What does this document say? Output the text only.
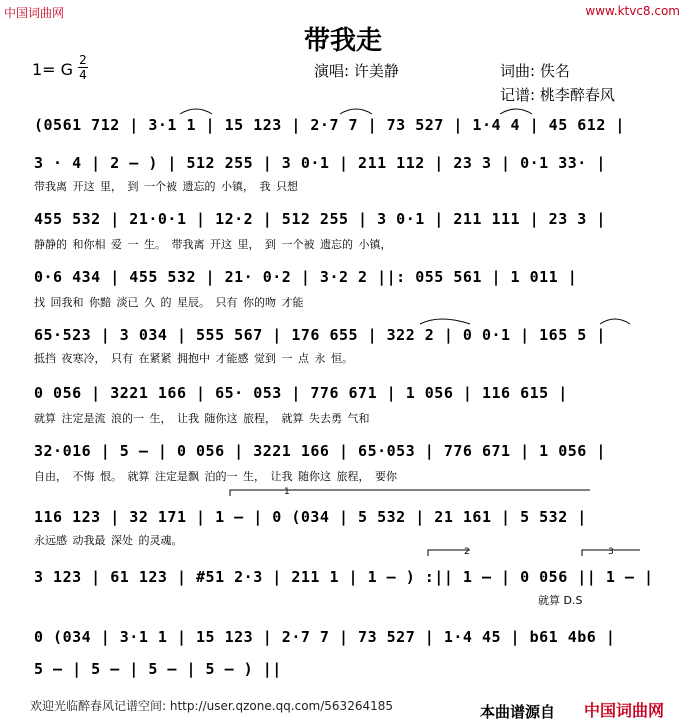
中国词曲网	www.ktvc8.com
带我走
1= G 2
4	演唱: 许美静	词曲: 佚名
记谱: 桃李醉春风
(0561 712 | 3·1 1 | 15 123 | 2·7 7 | 73 527 | 1·4 4 | 45 612 |
3 · 4 | 2 – ) | 512 255 | 3 0·1 | 211 112 | 23 3 | 0·1 33· |
带我离 开这 里， 到 一个被 遗忘的 小镇， 我 只想
455 532 | 21·0·1 | 12·2 | 512 255 | 3 0·1 | 211 111 | 23 3 |
静静的 和你相 爱 一 生。 带我离 开这 里， 到 一个被 遗忘的 小镇，
0·6 434 | 455 532 | 21· 0·2 | 3·2 2 ||: 055 561 | 1 011 |
找 回我和 你黯 淡已 久 的 星辰。 只有 你的吻 才能
65·523 | 3 034 | 555 567 | 176 655 | 322 2 | 0 0·1 | 165 5 |
抵挡 夜寒冷， 只有 在紧紧 拥抱中 才能感 觉到 一 点 永 恒。
0 056 | 3221 166 | 65· 053 | 776 671 | 1 056 | 116 615 |
就算 注定是流 浪的一 生， 让我 随你这 旅程， 就算 失去勇 气和
32·016 | 5 – | 0 056 | 3221 166 | 65·053 | 776 671 | 1 056 |
自由， 不悔 恨。 就算 注定是飘 泊的一 生， 让我 随你这 旅程， 要你
116 123 | 32 171 | 1 – | 0 (034 | 5 532 | 21 161 | 5 532 |
永远感 动我最 深处 的灵魂。
3 123 | 61 123 | #51 2·3 | 211 1 | 1 – ) :|| 1 – | 0 056 || 1 – |
就算 D.S
0 (034 | 3·1 1 | 15 123 | 2·7 7 | 73 527 | 1·4 45 | b61 4b6 |
5 – | 5 – | 5 – | 5 – ) ||
1
2	3
欢迎光临醉春风记谱空间: http://user.qzone.qq.com/563264185	本曲谱源自 中国词曲网
